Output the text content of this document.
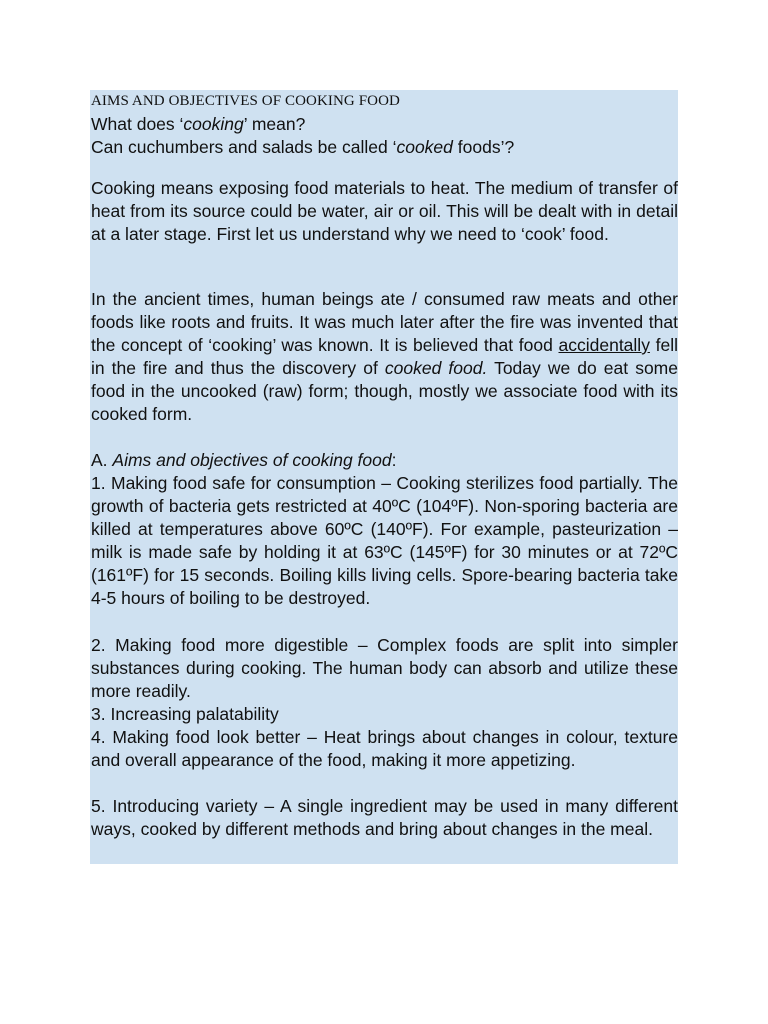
AIMS AND OBJECTIVES OF COOKING FOOD
What does ‘cooking’ mean?
Can cuchumbers and salads be called ‘cooked foods’?

Cooking means exposing food materials to heat. The medium of transfer of heat from its source could be water, air or oil. This will be dealt with in detail at a later stage. First let us understand why we need to ‘cook’ food.

In the ancient times, human beings ate / consumed raw meats and other foods like roots and fruits. It was much later after the fire was invented that the concept of ‘cooking’ was known. It is believed that food accidentally fell in the fire and thus the discovery of cooked food. Today we do eat some food in the uncooked (raw) form; though, mostly we associate food with its cooked form.

A. Aims and objectives of cooking food:

1. Making food safe for consumption – Cooking sterilizes food partially. The growth of bacteria gets restricted at 40ºC (104ºF). Non-sporing bacteria are killed at temperatures above 60ºC (140ºF). For example, pasteurization – milk is made safe by holding it at 63ºC (145ºF) for 30 minutes or at 72ºC (161ºF) for 15 seconds. Boiling kills living cells. Spore-bearing bacteria take 4-5 hours of boiling to be destroyed.

2. Making food more digestible – Complex foods are split into simpler substances during cooking. The human body can absorb and utilize these more readily.

3. Increasing palatability

4. Making food look better – Heat brings about changes in colour, texture and overall appearance of the food, making it more appetizing.

5. Introducing variety – A single ingredient may be used in many different ways, cooked by different methods and bring about changes in the meal.
